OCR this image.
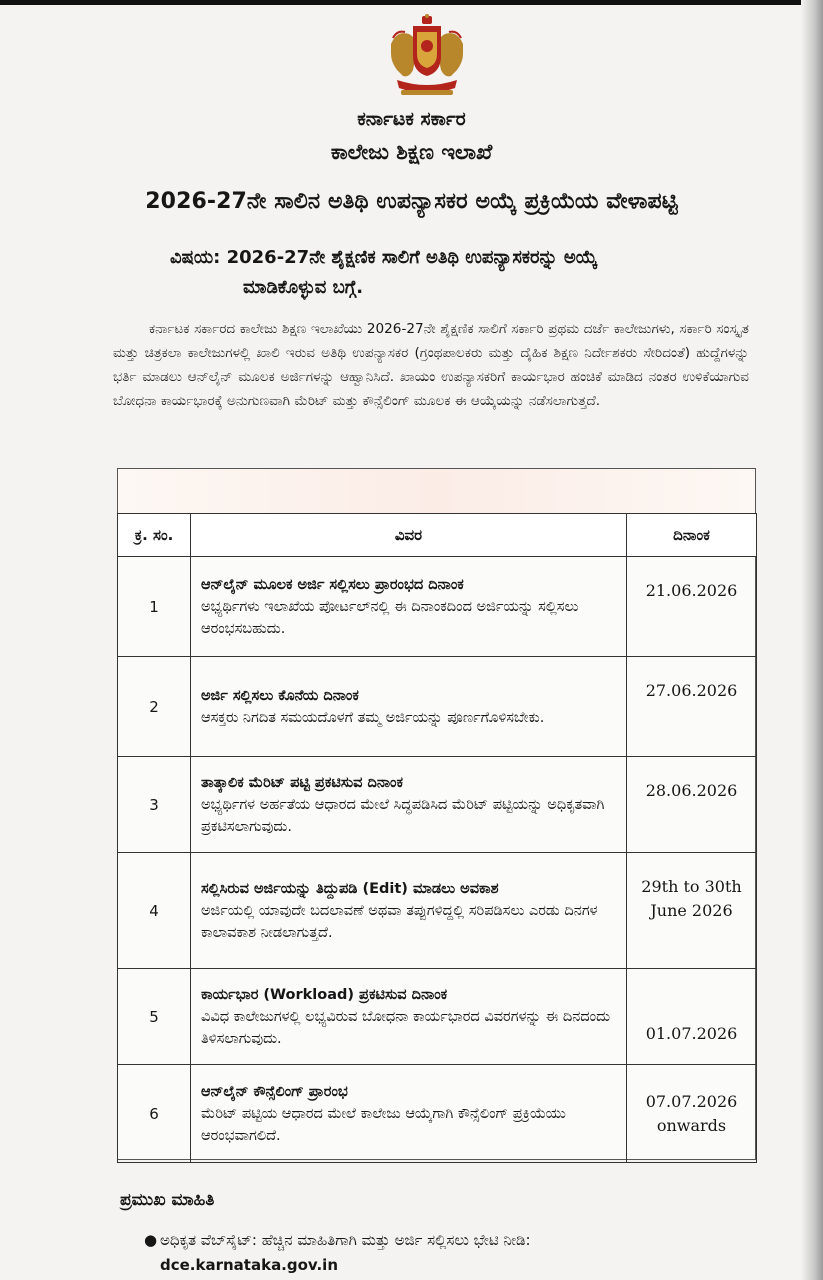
ಕರ್ನಾಟಕ ಸರ್ಕಾರ
ಕಾಲೇಜು ಶಿಕ್ಷಣ ಇಲಾಖೆ
2026-27ನೇ ಸಾಲಿನ ಅತಿಥಿ ಉಪನ್ಯಾಸಕರ ಅಯ್ಕೆ ಪ್ರಕ್ರಿಯೆಯ ವೇಳಾಪಟ್ಟಿ
ವಿಷಯ: 2026-27ನೇ ಶೈಕ್ಷಣಿಕ ಸಾಲಿಗೆ ಅತಿಥಿ ಉಪನ್ಯಾಸಕರನ್ನು ಅಯ್ಕೆ
ಮಾಡಿಕೊಳ್ಳುವ ಬಗ್ಗೆ.
ಕರ್ನಾಟಕ ಸರ್ಕಾರದ ಕಾಲೇಜು ಶಿಕ್ಷಣ ಇಲಾಖೆಯು 2026-27ನೇ ಶೈಕ್ಷಣಿಕ ಸಾಲಿಗೆ ಸರ್ಕಾರಿ ಪ್ರಥಮ ದರ್ಜೆ ಕಾಲೇಜುಗಳು, ಸರ್ಕಾರಿ ಸಂಸ್ಕೃತ ಮತ್ತು ಚಿತ್ರಕಲಾ ಕಾಲೇಜುಗಳಲ್ಲಿ ಖಾಲಿ ಇರುವ ಅತಿಥಿ ಉಪನ್ಯಾಸಕರ (ಗ್ರಂಥಪಾಲಕರು ಮತ್ತು ದೈಹಿಕ ಶಿಕ್ಷಣ ನಿರ್ದೇಶಕರು ಸೇರಿದಂತೆ) ಹುದ್ದೆಗಳನ್ನು ಭರ್ತಿ ಮಾಡಲು ಆನ್‌ಲೈನ್ ಮೂಲಕ ಅರ್ಜಿಗಳನ್ನು ಆಹ್ವಾನಿಸಿದೆ. ಖಾಯಂ ಉಪನ್ಯಾಸಕರಿಗೆ ಕಾರ್ಯಭಾರ ಹಂಚಿಕೆ ಮಾಡಿದ ನಂತರ ಉಳಿಕೆಯಾಗುವ ಬೋಧನಾ ಕಾರ್ಯಭಾರಕ್ಕೆ ಅನುಗುಣವಾಗಿ ಮೆರಿಟ್ ಮತ್ತು ಕೌನ್ಸೆಲಿಂಗ್ ಮೂಲಕ ಈ ಆಯ್ಕೆಯನ್ನು ನಡೆಸಲಾಗುತ್ತದೆ.
ಕ್ರ. ಸಂ.	ವಿವರ	ದಿನಾಂಕ
1	ಆನ್‌ಲೈನ್ ಮೂಲಕ ಅರ್ಜಿ ಸಲ್ಲಿಸಲು ಪ್ರಾರಂಭದ ದಿನಾಂಕ
ಅಭ್ಯರ್ಥಿಗಳು ಇಲಾಖೆಯ ಪೋರ್ಟಲ್‌ನಲ್ಲಿ ಈ ದಿನಾಂಕದಿಂದ ಅರ್ಜಿಯನ್ನು ಸಲ್ಲಿಸಲು ಆರಂಭಸಬಹುದು.	21.06.2026
2	ಅರ್ಜಿ ಸಲ್ಲಿಸಲು ಕೊನೆಯ ದಿನಾಂಕ
ಆಸಕ್ತರು ನಿಗದಿತ ಸಮಯದೊಳಗೆ ತಮ್ಮ ಅರ್ಜಿಯನ್ನು ಪೂರ್ಣಗೊಳಿಸಬೇಕು.	27.06.2026
3	ತಾತ್ಕಾಲಿಕ ಮೆರಿಟ್ ಪಟ್ಟಿ ಪ್ರಕಟಿಸುವ ದಿನಾಂಕ
ಅಭ್ಯರ್ಥಿಗಳ ಅರ್ಹತೆಯ ಆಧಾರದ ಮೇಲೆ ಸಿದ್ಧಪಡಿಸಿದ ಮೆರಿಟ್ ಪಟ್ಟಿಯನ್ನು ಅಧಿಕೃತವಾಗಿ ಪ್ರಕಟಿಸಲಾಗುವುದು.	28.06.2026
4	ಸಲ್ಲಿಸಿರುವ ಅರ್ಜಿಯನ್ನು ತಿದ್ದುಪಡಿ (Edit) ಮಾಡಲು ಅವಕಾಶ
ಅರ್ಜಿಯಲ್ಲಿ ಯಾವುದೇ ಬದಲಾವಣೆ ಅಥವಾ ತಪ್ಪುಗಳಿದ್ದಲ್ಲಿ ಸರಿಪಡಿಸಲು ಎರಡು ದಿನಗಳ ಕಾಲಾವಕಾಶ ನೀಡಲಾಗುತ್ತದೆ.	29th to 30th June 2026
5	ಕಾರ್ಯಭಾರ (Workload) ಪ್ರಕಟಿಸುವ ದಿನಾಂಕ
ವಿವಿಧ ಕಾಲೇಜುಗಳಲ್ಲಿ ಲಭ್ಯವಿರುವ ಬೋಧನಾ ಕಾರ್ಯಭಾರದ ವಿವರಗಳನ್ನು ಈ ದಿನದಂದು ತಿಳಿಸಲಾಗುವುದು.	01.07.2026
6	ಆನ್‌ಲೈನ್ ಕೌನ್ಸೆಲಿಂಗ್ ಪ್ರಾರಂಭ
ಮೆರಿಟ್ ಪಟ್ಟಿಯ ಆಧಾರದ ಮೇಲೆ ಕಾಲೇಜು ಆಯ್ಕೆಗಾಗಿ ಕೌನ್ಸೆಲಿಂಗ್ ಪ್ರಕ್ರಿಯೆಯು ಆರಂಭವಾಗಲಿದೆ.	07.07.2026 onwards
ಪ್ರಮುಖ ಮಾಹಿತಿ
● ಅಧಿಕೃತ ವೆಬ್‌ಸೈಟ್: ಹೆಚ್ಚಿನ ಮಾಹಿತಿಗಾಗಿ ಮತ್ತು ಅರ್ಜಿ ಸಲ್ಲಿಸಲು ಭೇಟಿ ನೀಡಿ:
dce.karnataka.gov.in
